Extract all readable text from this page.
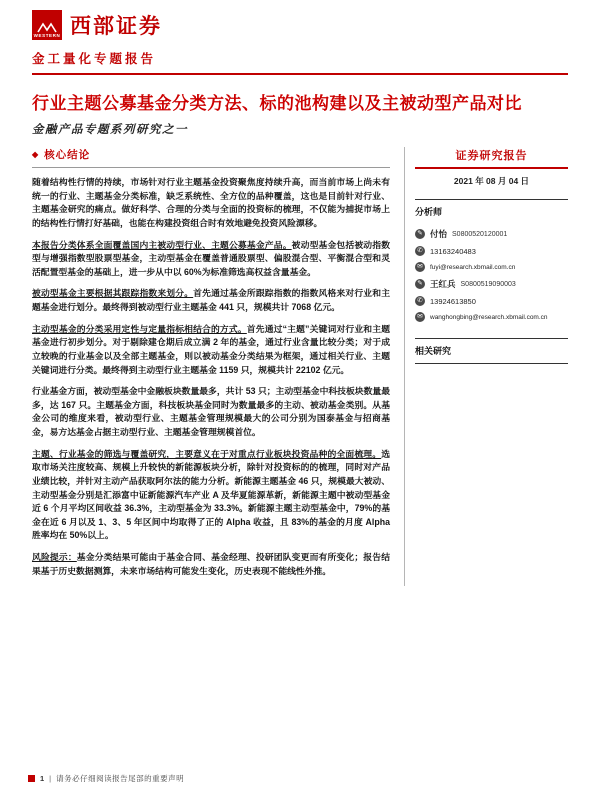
WESTERN 西部证券
金工量化专题报告
行业主题公募基金分类方法、标的池构建以及主被动型产品对比
金融产品专题系列研究之一
◆ 核心结论

随着结构性行情的持续，市场针对行业主题基金投资聚焦度持续升高，而当前市场上尚未有统一的行业、主题基金分类标准，缺乏系统性、全方位的品种覆盖，这也是目前针对行业、主题基金研究的痛点。做好科学、合理的分类与全面的投资标的梳理，不仅能为捕捉市场上的结构性行情打好基础，也能在构建投资组合时有效地避免投资风险漂移。

本报告分类体系全面覆盖国内主被动型行业、主题公募基金产品。被动型基金包括被动指数型与增强指数型股票型基金，主动型基金在覆盖普通股票型、偏股混合型、平衡混合型和灵活配置型基金的基础上，进一步从中以 60%为标准筛选高权益含量基金。

被动型基金主要根据其跟踪指数来划分。首先通过基金所跟踪指数的指数风格来对行业和主题基金进行划分。最终得到被动型行业主题基金 441 只，规模共计 7068 亿元。

主动型基金的分类采用定性与定量指标相结合的方式。首先通过“主题”关键词对行业和主题基金进行初步划分。对于剔除建仓期后成立满 2 年的基金，通过行业含量比较分类；对于成立较晚的行业基金以及全部主题基金，则以被动基金分类结果为框架，通过相关行业、主题关键词进行分类。最终得到主动型行业主题基金 1159 只，规模共计 22102 亿元。

行业基金方面，被动型基金中金融板块数量最多，共计 53 只；主动型基金中科技板块数量最多，达 167 只。主题基金方面，科技板块基金同时为数量最多的主动、被动基金类别。从基金公司的维度来看，被动型行业、主题基金管理规模最大的公司分别为国泰基金与招商基金，易方达基金占据主动型行业、主题基金管理规模首位。

主题、行业基金的筛选与覆盖研究，主要意义在于对重点行业板块投资品种的全面梳理。选取市场关注度较高、规模上升较快的新能源板块分析，除针对投资标的的梳理，同时对产品业绩比较，并针对主动产品获取阿尔法的能力分析。新能源主题基金 46 只，规模最大被动、主动型基金分别是汇添富中证新能源汽车产业 A 及华夏能源革新，新能源主题中被动型基金近 6 个月平均区间收益 36.3%，主动型基金为 33.3%。新能源主题主动型基金中，79%的基金在近 6 月以及 1、3、5 年区间中均取得了正的 Alpha 收益，且 83%的基金的月度 Alpha 胜率均在 50%以上。

风险提示：基金分类结果可能由于基金合同、基金经理、投研团队变更而有所变化；报告结果基于历史数据测算，未来市场结构可能发生变化，历史表现不能线性外推。

证券研究报告
2021 年 08 月 04 日
分析师
✎ 付怡 S0800520120001
✆ 13163240483
✉	fuyi@research.xbmail.com.cn
✎ 王红兵 S0800519090003
✆ 13924613850
✉	wanghongbing@research.xbmail.com.cn
相关研究
1 | 请务必仔细阅读报告尾部的重要声明
